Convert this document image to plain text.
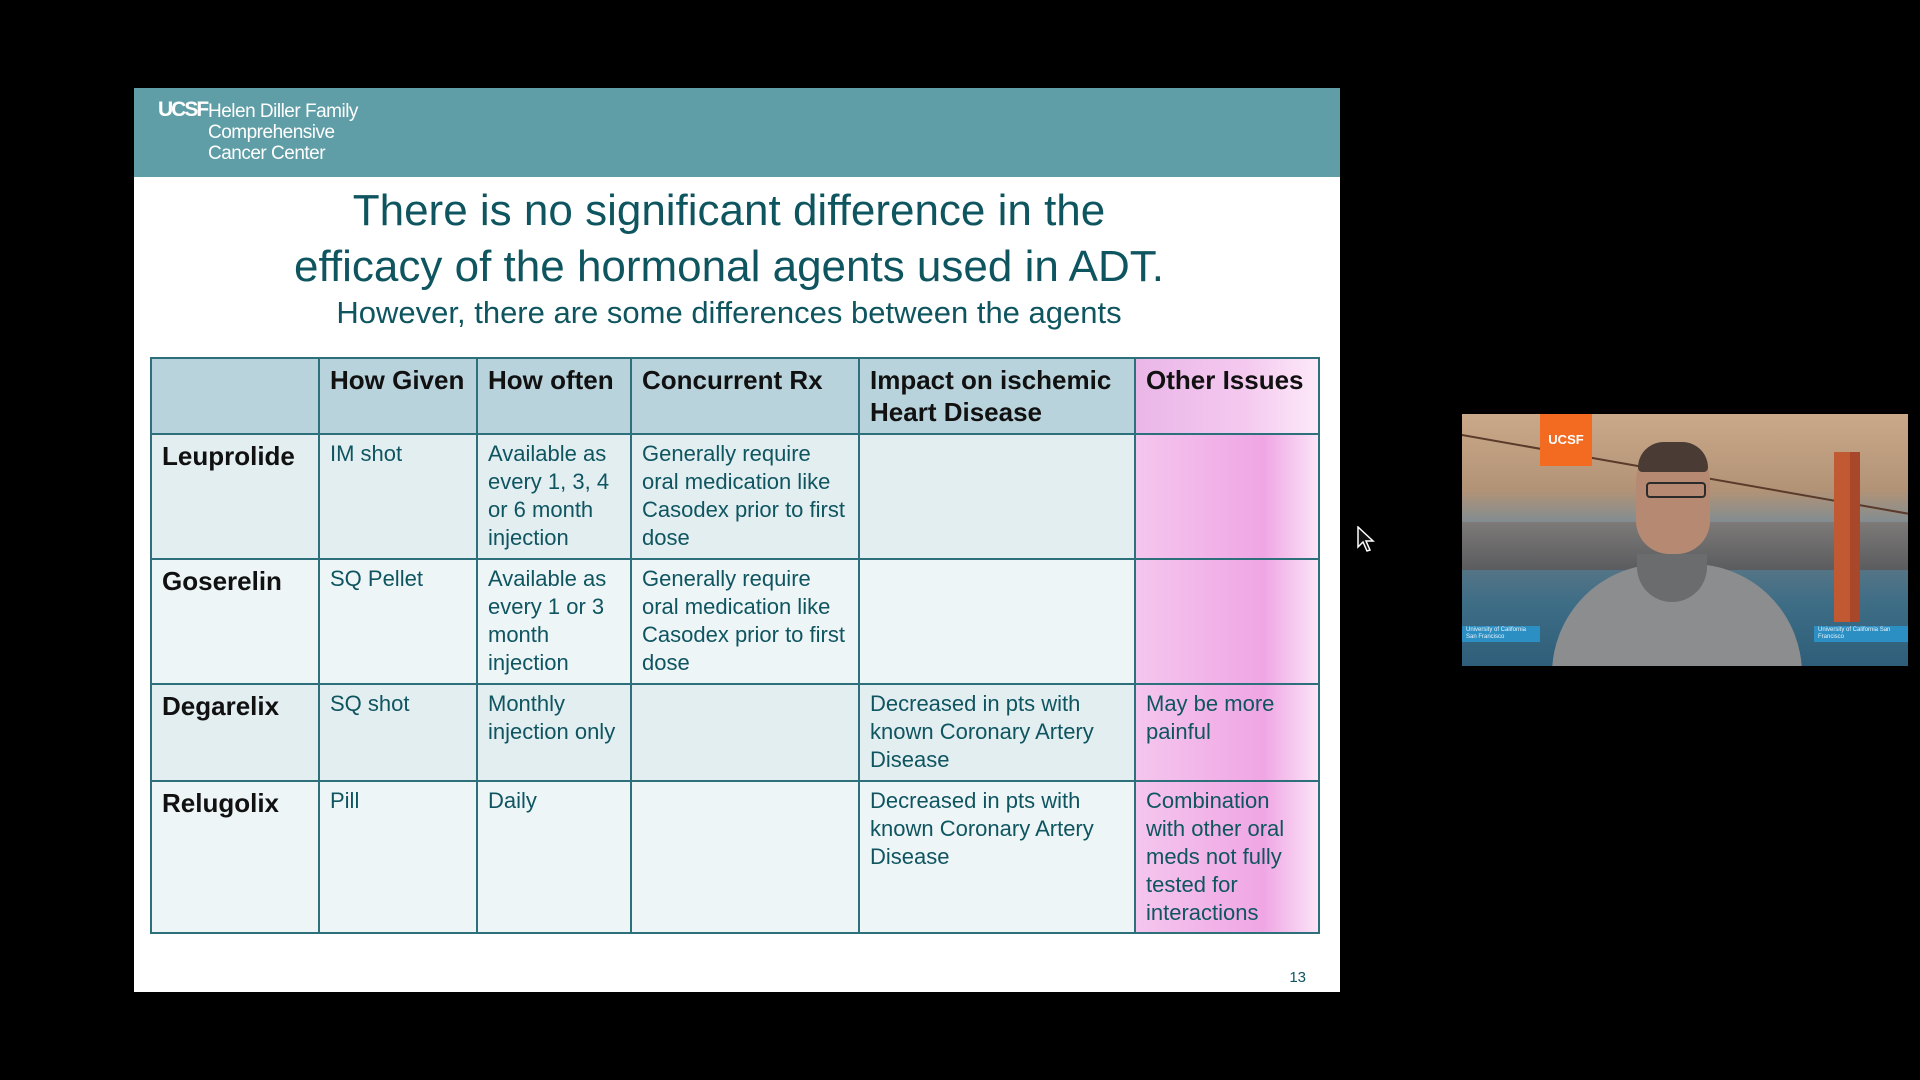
UCSF Helen Diller Family
Comprehensive
Cancer Center
There is no significant difference in the
efficacy of the hormonal agents used in ADT.
However, there are some differences between the agents
	How Given	How often	Concurrent Rx	Impact on ischemic Heart Disease	Other Issues
Leuprolide	IM shot	Available as every 1, 3, 4 or 6 month injection	Generally require oral medication like Casodex prior to first dose		
Goserelin	SQ Pellet	Available as every 1 or 3 month injection	Generally require oral medication like Casodex prior to first dose		
Degarelix	SQ shot	Monthly injection only		Decreased in pts with known Coronary Artery Disease	May be more painful
Relugolix	Pill	Daily		Decreased in pts with known Coronary Artery Disease	Combination with other oral meds not fully tested for interactions
13
UCSF
University of California San Francisco
University of California San Francisco
